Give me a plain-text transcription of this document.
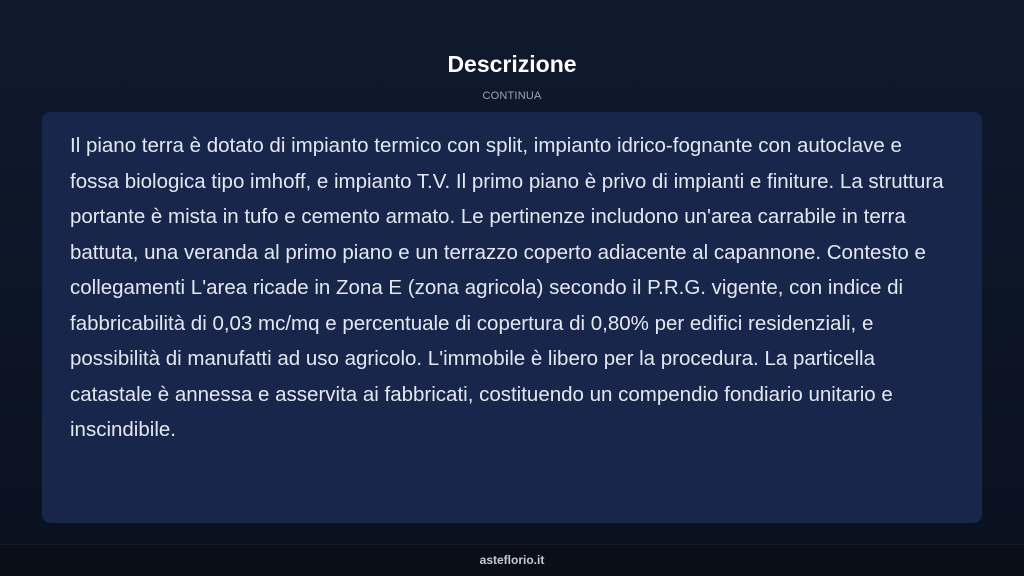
Descrizione
CONTINUA

Il piano terra è dotato di impianto termico con split, impianto idrico-fognante con autoclave e fossa biologica tipo imhoff, e impianto T.V. Il primo piano è privo di impianti e finiture. La struttura portante è mista in tufo e cemento armato. Le pertinenze includono un'area carrabile in terra battuta, una veranda al primo piano e un terrazzo coperto adiacente al capannone. Contesto e collegamenti L'area ricade in Zona E (zona agricola) secondo il P.R.G. vigente, con indice di fabbricabilità di 0,03 mc/mq e percentuale di copertura di 0,80% per edifici residenziali, e possibilità di manufatti ad uso agricolo. L'immobile è libero per la procedura. La particella catastale è annessa e asservita ai fabbricati, costituendo un compendio fondiario unitario e inscindibile.

asteflorio.it
